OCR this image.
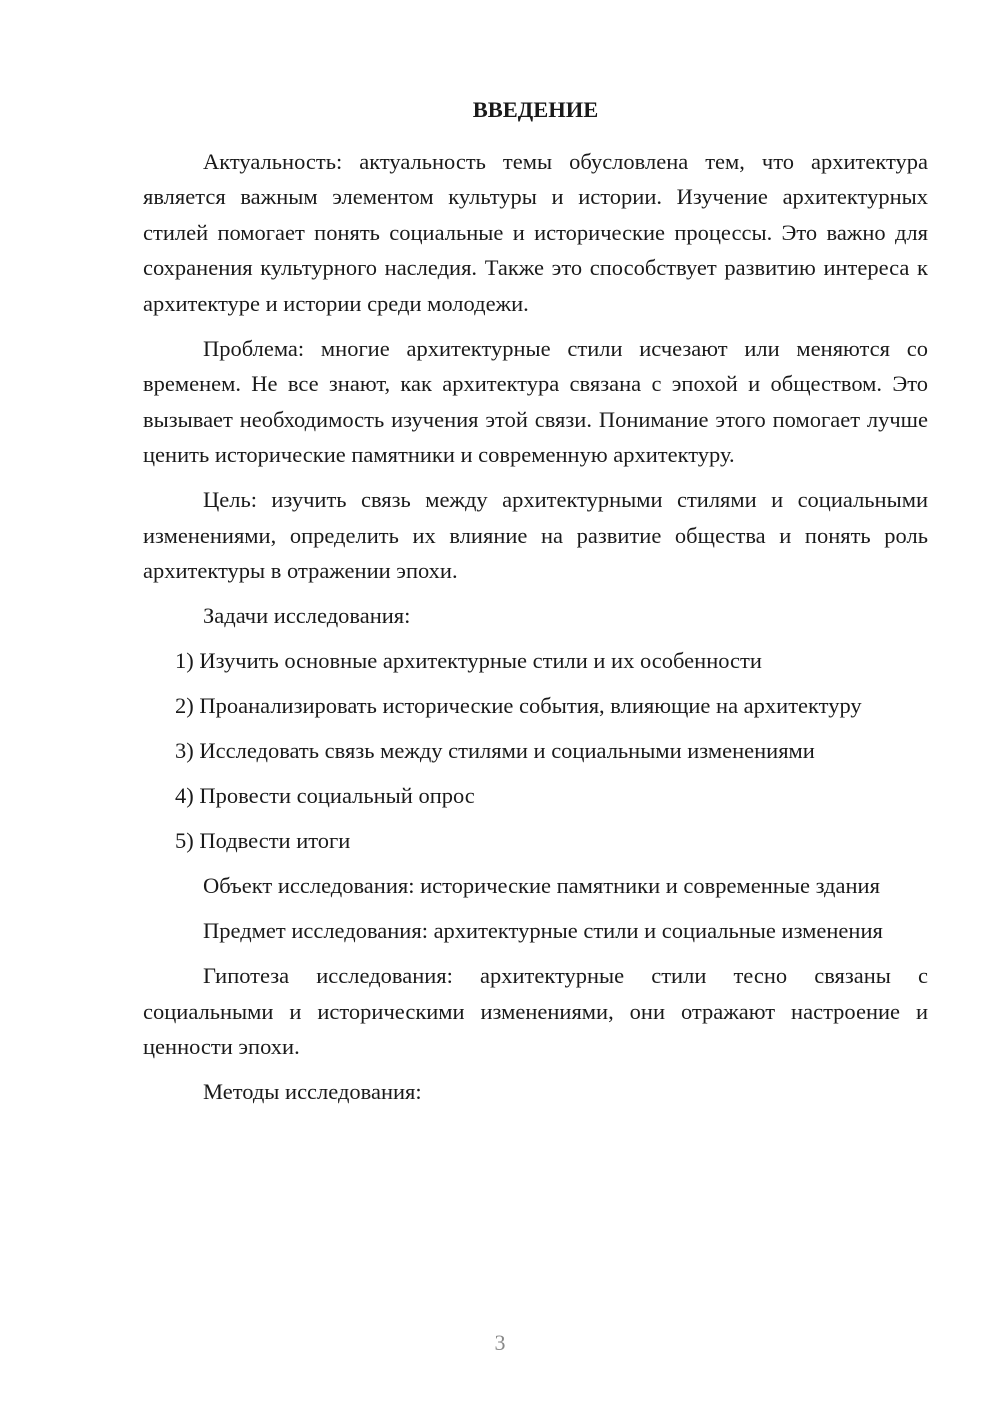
ВВЕДЕНИЕ

Актуальность: актуальность темы обусловлена тем, что архитектура является важным элементом культуры и истории. Изучение архитектурных стилей помогает понять социальные и исторические процессы. Это важно для сохранения культурного наследия. Также это способствует развитию интереса к архитектуре и истории среди молодежи.

Проблема: многие архитектурные стили исчезают или меняются со временем. Не все знают, как архитектура связана с эпохой и обществом. Это вызывает необходимость изучения этой связи. Понимание этого помогает лучше ценить исторические памятники и современную архитектуру.

Цель: изучить связь между архитектурными стилями и социальными изменениями, определить их влияние на развитие общества и понять роль архитектуры в отражении эпохи.

Задачи исследования:

1) Изучить основные архитектурные стили и их особенности

2) Проанализировать исторические события, влияющие на архитектуру

3) Исследовать связь между стилями и социальными изменениями

4) Провести социальный опрос

5) Подвести итоги

Объект исследования: исторические памятники и современные здания

Предмет исследования: архитектурные стили и социальные изменения

Гипотеза исследования: архитектурные стили тесно связаны с социальными и историческими изменениями, они отражают настроение и ценности эпохи.

Методы исследования:

3
